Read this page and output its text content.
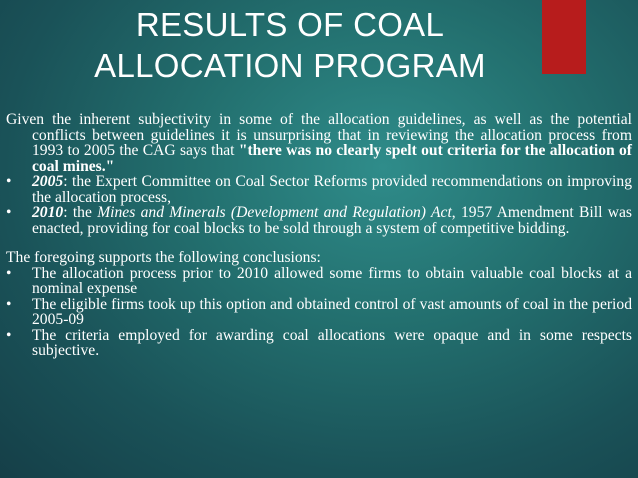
RESULTS OF COAL
ALLOCATION PROGRAM

Given the inherent subjectivity in some of the allocation guidelines, as well as the potential conflicts between guidelines it is unsurprising that in reviewing the allocation process from 1993 to 2005 the CAG says that "there was no clearly spelt out criteria for the allocation of coal mines."

• 2005: the Expert Committee on Coal Sector Reforms provided recommendations on improving the allocation process,
• 2010: the Mines and Minerals (Development and Regulation) Act, 1957 Amendment Bill was enacted, providing for coal blocks to be sold through a system of competitive bidding.

The foregoing supports the following conclusions:

• The allocation process prior to 2010 allowed some firms to obtain valuable coal blocks at a nominal expense
• The eligible firms took up this option and obtained control of vast amounts of coal in the period 2005-09
• The criteria employed for awarding coal allocations were opaque and in some respects subjective.
